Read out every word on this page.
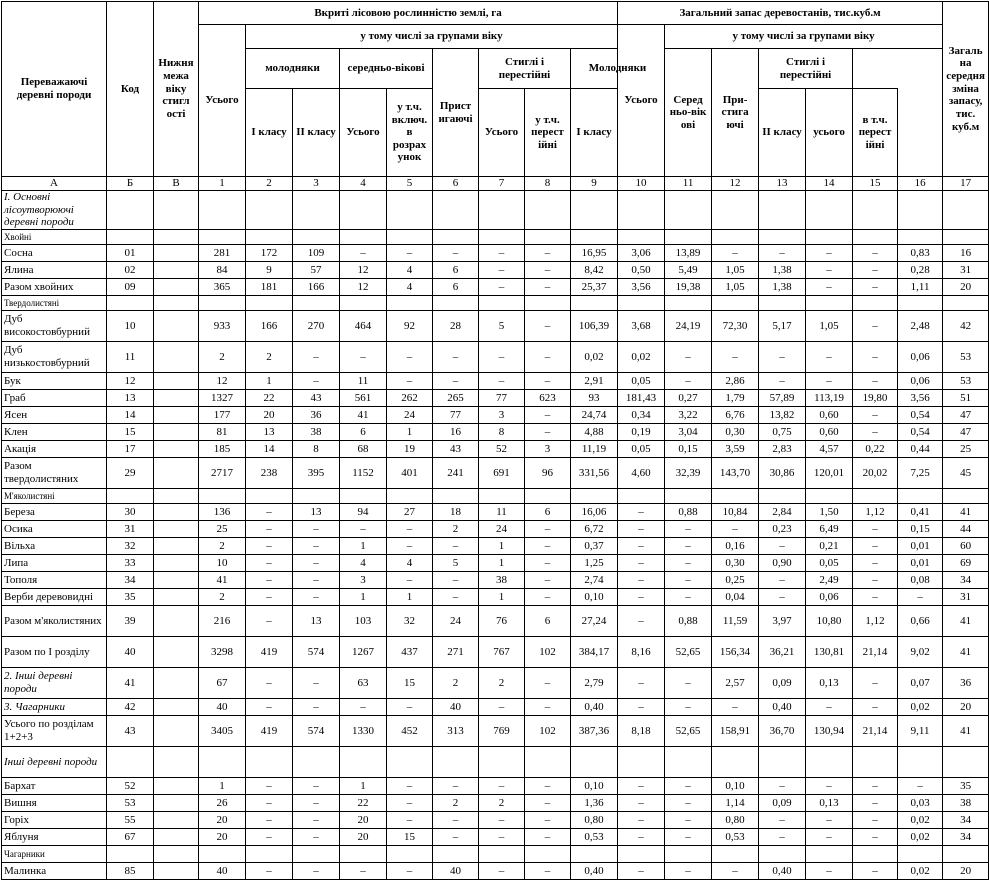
Переважаючі деревні породи	Код	Нижня межа віку стигл ості	Вкриті лісовою рослинністю землі, га									Загальний запас деревостанів, тис.куб.м							Загаль на середня зміна запасу, тис. куб.м	
			Усього	у тому числі за групами віку								Усього	у тому числі за групами віку							
				молодняки		середньо-вікові		Прист игаючі	Стиглі і перестійні		Молодняки		Серед ньо-вік ові	При-стига ючі	Стиглі і перестійні					
				I класу	II класу	Усього	у т.ч. включ. в розрах унок		Усього	у т.ч. перест ійні	I класу				II класу	усього	в т.ч. перест ійні			
А	Б	В	1	2	3	4	5	6	7	8	9	10	11	12	13	14	15	16	17	
I. Основні лісоутворюючі деревні породи																				
Хвойні																				
Сосна	01		281	172	109	–	–	–	–	–	16,95	3,06	13,89	–	–	–	–	0,83	16	
Ялина	02		84	9	57	12	4	6	–	–	8,42	0,50	5,49	1,05	1,38	–	–	0,28	31	
Разом хвойних	09		365	181	166	12	4	6	–	–	25,37	3,56	19,38	1,05	1,38	–	–	1,11	20	
Твердолистяні																				
Дуб високостовбурний	10		933	166	270	464	92	28	5	–	106,39	3,68	24,19	72,30	5,17	1,05	–	2,48	42	
Дуб низькостовбурний	11		2	2	–	–	–	–	–	–	0,02	0,02	–	–	–	–	–	0,06	53	
Бук	12		12	1	–	11	–	–	–	–	2,91	0,05	–	2,86	–	–	–	0,06	53	
Граб	13		1327	22	43	561	262	265	77	623	93	181,43	0,27	1,79	57,89	113,19	19,80	3,56	51	
Ясен	14		177	20	36	41	24	77	3	–	24,74	0,34	3,22	6,76	13,82	0,60	–	0,54	47	
Клен	15		81	13	38	6	1	16	8	–	4,88	0,19	3,04	0,30	0,75	0,60	–	0,54	47	
Акація	17		185	14	8	68	19	43	52	3	11,19	0,05	0,15	3,59	2,83	4,57	0,22	0,44	25	
Разом твердолистяних	29		2717	238	395	1152	401	241	691	96	331,56	4,60	32,39	143,70	30,86	120,01	20,02	7,25	45	
М'яколистяні																				
Береза	30		136	–	13	94	27	18	11	6	16,06	–	0,88	10,84	2,84	1,50	1,12	0,41	41	
Осика	31		25	–	–	–	–	2	24	–	6,72	–	–	–	0,23	6,49	–	0,15	44	
Вільха	32		2	–	–	1	–	–	1	–	0,37	–	–	0,16	–	0,21	–	0,01	60	
Липа	33		10	–	–	4	4	5	1	–	1,25	–	–	0,30	0,90	0,05	–	0,01	69	
Тополя	34		41	–	–	3	–	–	38	–	2,74	–	–	0,25	–	2,49	–	0,08	34	
Верби деревовидні	35		2	–	–	1	1	–	1	–	0,10	–	–	0,04	–	0,06	–	–	31	
Разом м'яколистяних	39		216	–	13	103	32	24	76	6	27,24	–	0,88	11,59	3,97	10,80	1,12	0,66	41	
Разом по I розділу	40		3298	419	574	1267	437	271	767	102	384,17	8,16	52,65	156,34	36,21	130,81	21,14	9,02	41	
2. Інші деревні породи	41		67	–	–	63	15	2	2	–	2,79	–	–	2,57	0,09	0,13	–	0,07	36	
3. Чагарники	42		40	–	–	–	–	40	–	–	0,40	–	–	–	0,40	–	–	0,02	20	
Усього по розділам 1+2+3	43		3405	419	574	1330	452	313	769	102	387,36	8,18	52,65	158,91	36,70	130,94	21,14	9,11	41	
Інші деревні породи																				
Бархат	52		1	–	–	1	–	–	–	–	0,10	–	–	0,10	–	–	–	–	35	
Вишня	53		26	–	–	22	–	2	2	–	1,36	–	–	1,14	0,09	0,13	–	0,03	38	
Горіх	55		20	–	–	20	–	–	–	–	0,80	–	–	0,80	–	–	–	0,02	34	
Яблуня	67		20	–	–	20	15	–	–	–	0,53	–	–	0,53	–	–	–	0,02	34	
Чагарники																				
Малинка	85		40	–	–	–	–	40	–	–	0,40	–	–	–	0,40	–	–	0,02	20	
